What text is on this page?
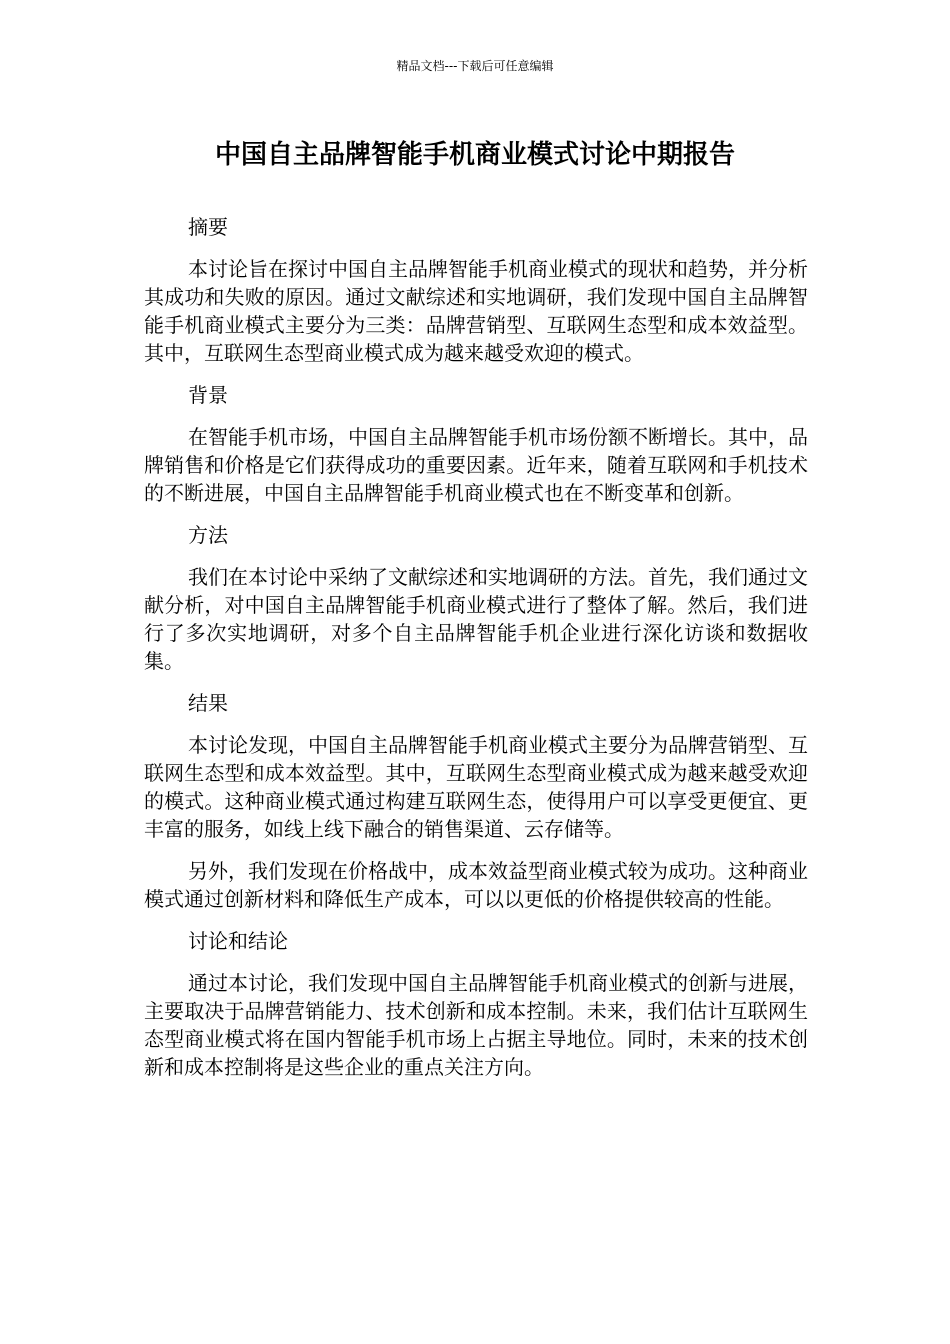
精品文档---下载后可任意编辑
中国自主品牌智能手机商业模式讨论中期报告
摘要

本讨论旨在探讨中国自主品牌智能手机商业模式的现状和趋势，并分析其成功和失败的原因。通过文献综述和实地调研，我们发现中国自主品牌智能手机商业模式主要分为三类：品牌营销型、互联网生态型和成本效益型。其中，互联网生态型商业模式成为越来越受欢迎的模式。

背景

在智能手机市场，中国自主品牌智能手机市场份额不断增长。其中，品牌销售和价格是它们获得成功的重要因素。近年来，随着互联网和手机技术的不断进展，中国自主品牌智能手机商业模式也在不断变革和创新。

方法

我们在本讨论中采纳了文献综述和实地调研的方法。首先，我们通过文献分析，对中国自主品牌智能手机商业模式进行了整体了解。然后，我们进行了多次实地调研，对多个自主品牌智能手机企业进行深化访谈和数据收集。

结果

本讨论发现，中国自主品牌智能手机商业模式主要分为品牌营销型、互联网生态型和成本效益型。其中，互联网生态型商业模式成为越来越受欢迎的模式。这种商业模式通过构建互联网生态，使得用户可以享受更便宜、更丰富的服务，如线上线下融合的销售渠道、云存储等。

另外，我们发现在价格战中，成本效益型商业模式较为成功。这种商业模式通过创新材料和降低生产成本，可以以更低的价格提供较高的性能。

讨论和结论

通过本讨论，我们发现中国自主品牌智能手机商业模式的创新与进展，主要取决于品牌营销能力、技术创新和成本控制。未来，我们估计互联网生态型商业模式将在国内智能手机市场上占据主导地位。同时，未来的技术创新和成本控制将是这些企业的重点关注方向。
